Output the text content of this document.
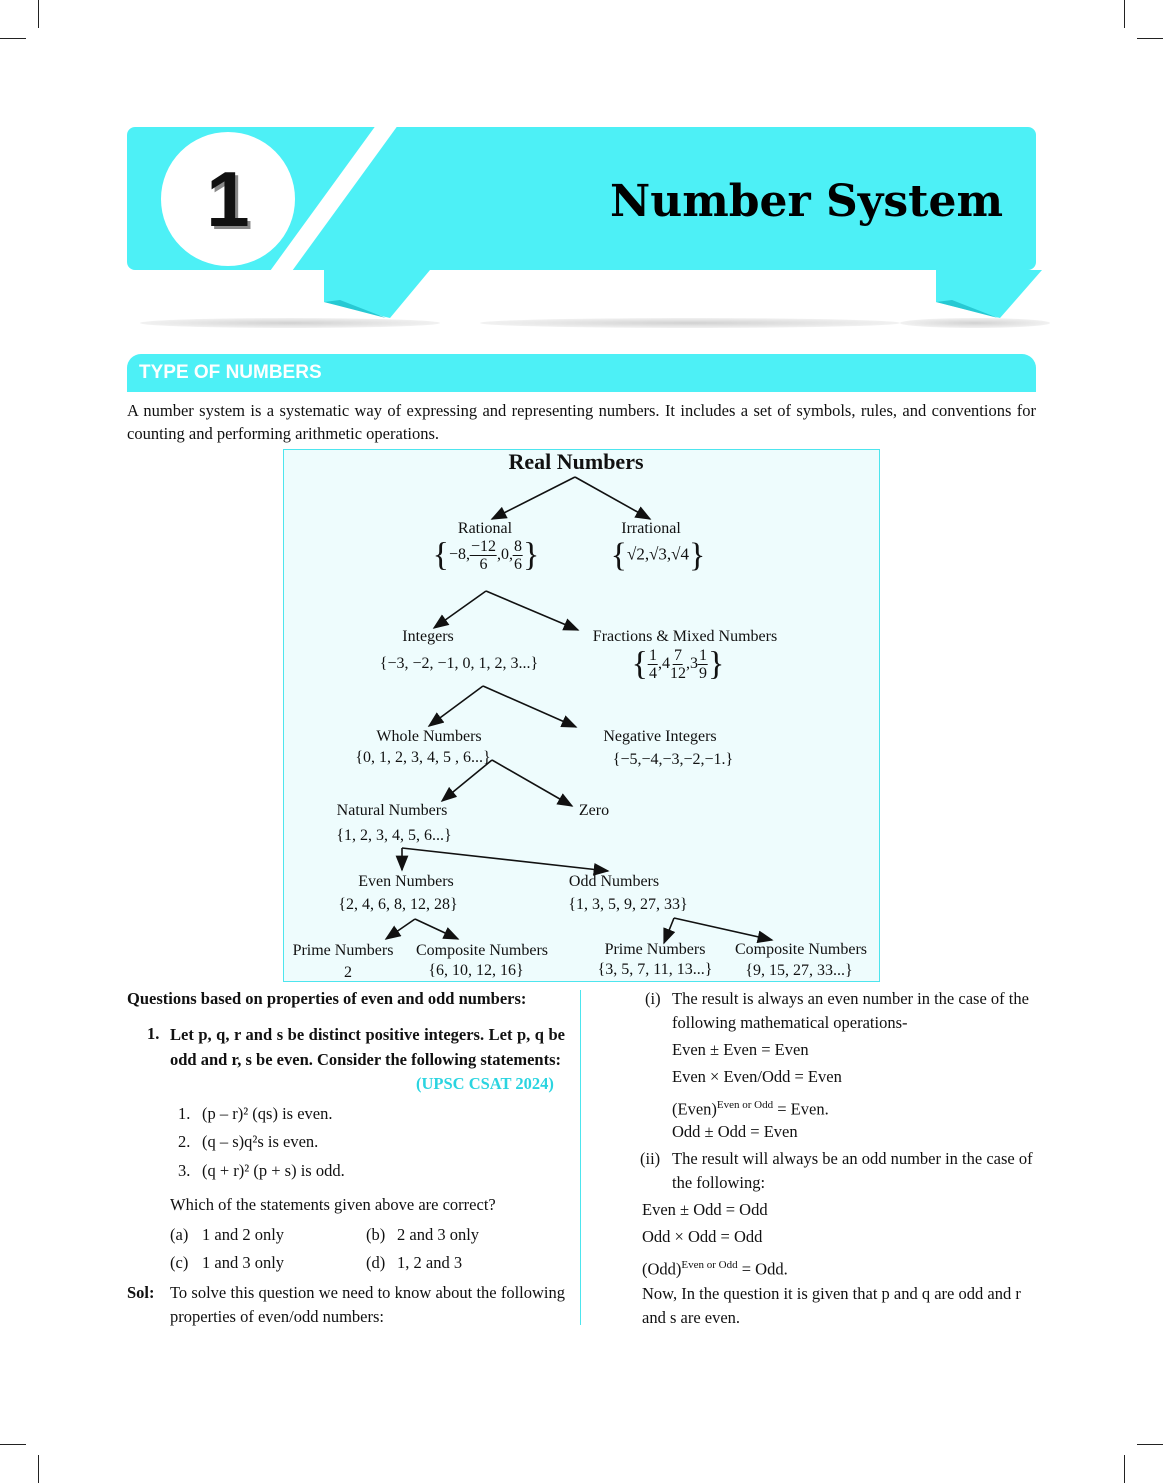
1	Number System
TYPE OF NUMBERS
A number system is a systematic way of expressing and representing numbers. It includes a set of symbols, rules, and conventions for counting and performing arithmetic operations.
Real Numbers
Rational
{−8, $\frac{-12}{6} ,0$, $\frac{8}{6}$ }
Irrational
{√2,√3,√4}
Integers
{−3, −2, −1, 0, 1, 2, 3...}
Fractions & Mixed Numbers
{ $\frac{1}{4} ,4 \frac{7}{12} ,3 \frac{1}{9}$ }
Whole Numbers
{0, 1, 2, 3, 4, 5 , 6...}
Negative Integers
{−5,−4,−3,−2,−1.}
Natural Numbers
{1, 2, 3, 4, 5, 6...}
Zero
Even Numbers
{2, 4, 6, 8, 12, 28}
Odd Numbers
{1, 3, 5, 9, 27, 33}
Prime Numbers
2
Composite Numbers
{6, 10, 12, 16}
Prime Numbers
{3, 5, 7, 11, 13...}
Composite Numbers
{9, 15, 27, 33...}
Questions based on properties of even and odd numbers:
1. Let p, q, r and s be distinct positive integers. Let p, q be odd and r, s be even. Consider the following statements:
(UPSC CSAT 2024)
1. (p – r)² (qs) is even.
2. (q – s)q²s is even.
3. (q + r)² (p + s) is odd.
Which of the statements given above are correct?
(a) 1 and 2 only	(b) 2 and 3 only
(c) 1 and 3 only	(d) 1, 2 and 3
Sol: To solve this question we need to know about the following properties of even/odd numbers:
(i) The result is always an even number in the case of the following mathematical operations-
Even ± Even = Even
Even × Even/Odd = Even
(Even)$^{Even or Odd}$ = Even.
Odd ± Odd = Even
(ii) The result will always be an odd number in the case of the following:
Even ± Odd = Odd
Odd × Odd = Odd
(Odd)$^{Even or Odd}$ = Odd.
Now, In the question it is given that p and q are odd and r and s are even.
